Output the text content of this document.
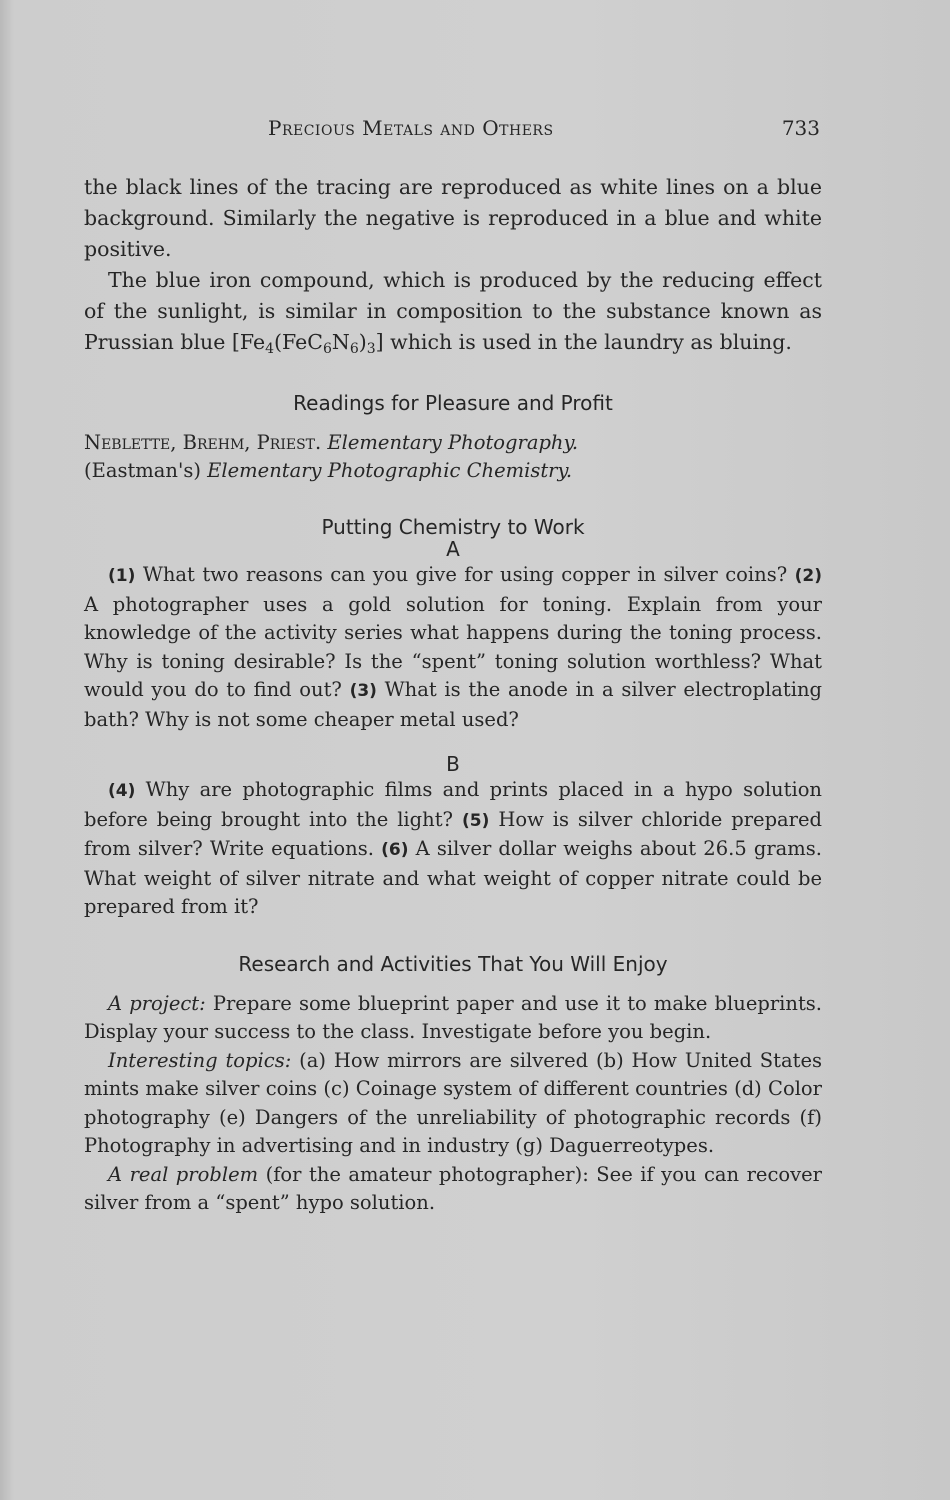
Precious Metals and Others	733

the black lines of the tracing are reproduced as white lines on a blue background. Similarly the negative is reproduced in a blue and white positive.

The blue iron compound, which is produced by the reducing effect of the sunlight, is similar in composition to the substance known as Prussian blue $[Fe_4(FeC_6N_6)_3]$ which is used in the laundry as bluing.

Readings for Pleasure and Profit

Neblette, Brehm, Priest. Elementary Photography.

(Eastman's) Elementary Photographic Chemistry.

Putting Chemistry to Work
A

(1) What two reasons can you give for using copper in silver coins? (2) A photographer uses a gold solution for toning. Explain from your knowledge of the activity series what happens during the toning process. Why is toning desirable? Is the “spent” toning solution worthless? What would you do to find out? (3) What is the anode in a silver electroplating bath? Why is not some cheaper metal used?

B

(4) Why are photographic films and prints placed in a hypo solution before being brought into the light? (5) How is silver chloride prepared from silver? Write equations. (6) A silver dollar weighs about 26.5 grams. What weight of silver nitrate and what weight of copper nitrate could be prepared from it?

Research and Activities That You Will Enjoy

A project: Prepare some blueprint paper and use it to make blueprints. Display your success to the class. Investigate before you begin.

Interesting topics: (a) How mirrors are silvered (b) How United States mints make silver coins (c) Coinage system of different countries (d) Color photography (e) Dangers of the unreliability of photographic records (f) Photography in advertising and in industry (g) Daguerreotypes.

A real problem (for the amateur photographer): See if you can recover silver from a “spent” hypo solution.
